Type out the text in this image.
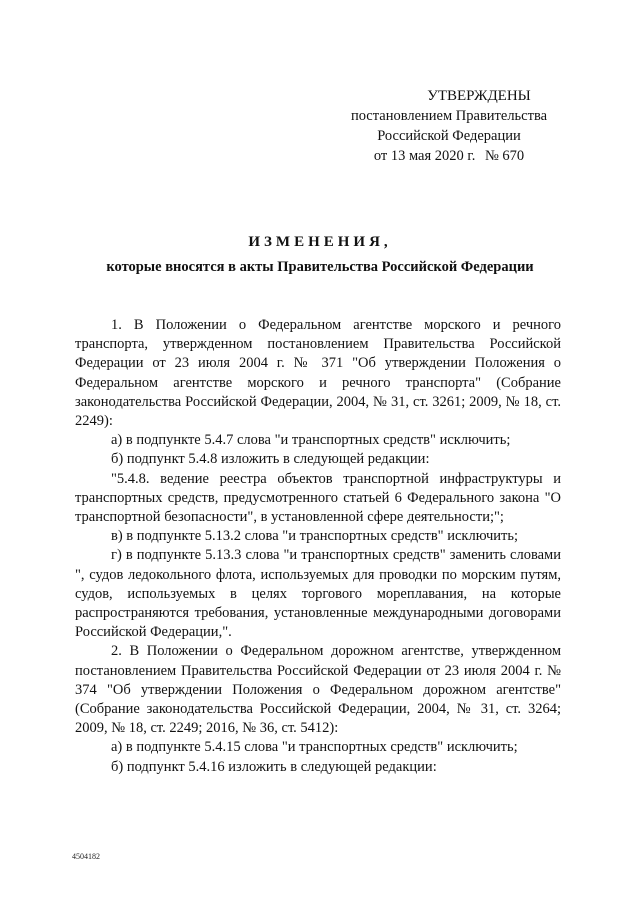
УТВЕРЖДЕНЫ
постановлением Правительства
Российской Федерации
от 13 мая 2020 г. № 670
ИЗМЕНЕНИЯ,
которые вносятся в акты Правительства Российской Федерации

1. В Положении о Федеральном агентстве морского и речного транспорта, утвержденном постановлением Правительства Российской Федерации от 23 июля 2004 г. № 371 "Об утверждении Положения о Федеральном агентстве морского и речного транспорта" (Собрание законодательства Российской Федерации, 2004, № 31, ст. 3261; 2009, № 18, ст. 2249):

а) в подпункте 5.4.7 слова "и транспортных средств" исключить;

б) подпункт 5.4.8 изложить в следующей редакции:

"5.4.8. ведение реестра объектов транспортной инфраструктуры и транспортных средств, предусмотренного статьей 6 Федерального закона "О транспортной безопасности", в установленной сфере деятельности;";

в) в подпункте 5.13.2 слова "и транспортных средств" исключить;

г) в подпункте 5.13.3 слова "и транспортных средств" заменить словами ", судов ледокольного флота, используемых для проводки по морским путям, судов, используемых в целях торгового мореплавания, на которые распространяются требования, установленные международными договорами Российской Федерации,".

2. В Положении о Федеральном дорожном агентстве, утвержденном постановлением Правительства Российской Федерации от 23 июля 2004 г. № 374 "Об утверждении Положения о Федеральном дорожном агентстве" (Собрание законодательства Российской Федерации, 2004, № 31, ст. 3264; 2009, № 18, ст. 2249; 2016, № 36, ст. 5412):

а) в подпункте 5.4.15 слова "и транспортных средств" исключить;

б) подпункт 5.4.16 изложить в следующей редакции:

4504182
